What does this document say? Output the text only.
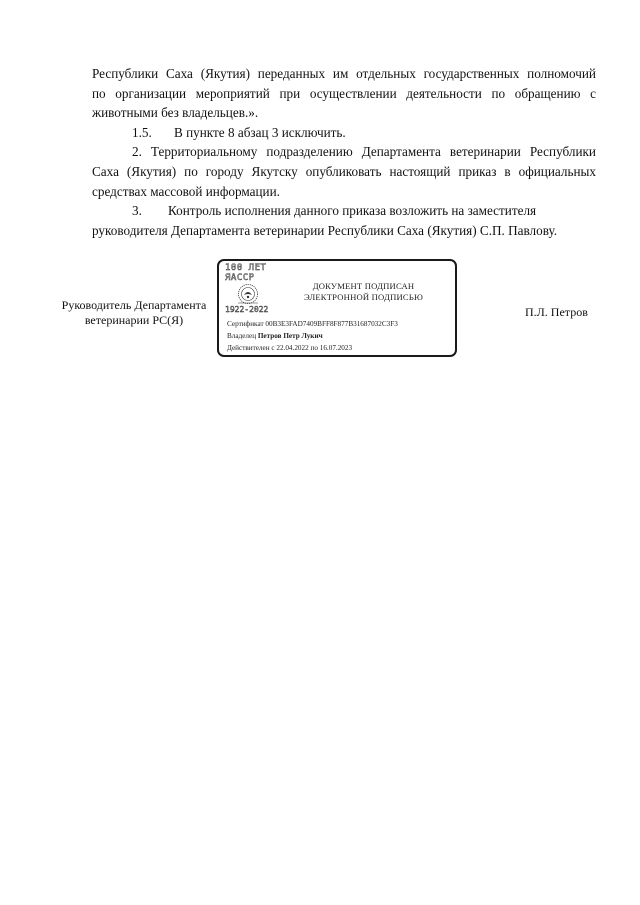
Республики Саха (Якутия) переданных им отдельных государственных полномочий
по организации мероприятий при осуществлении деятельности по обращению с
животными без владельцев.».

1.5. В пункте 8 абзац 3 исключить.

2. Территориальному подразделению Департамента ветеринарии Республики
Саха (Якутия) по городу Якутску опубликовать настоящий приказ в официальных
средствах массовой информации.

3. Контроль исполнения данного приказа возложить на заместителя
руководителя Департамента ветеринарии Республики Саха (Якутия) С.П. Павлову.

Руководитель Департамента
ветеринарии РС(Я)
100 ЛЕТ
ЯАССР
1922-2022
ДОКУМЕНТ ПОДПИСАН
ЭЛЕКТРОННОЙ ПОДПИСЬЮ
Сертификат 00B3E3FAD7409BFF8F877B31687032C3F3
Владелец Петров Петр Лукич
Действителен с 22.04.2022 по 16.07.2023
П.Л. Петров
